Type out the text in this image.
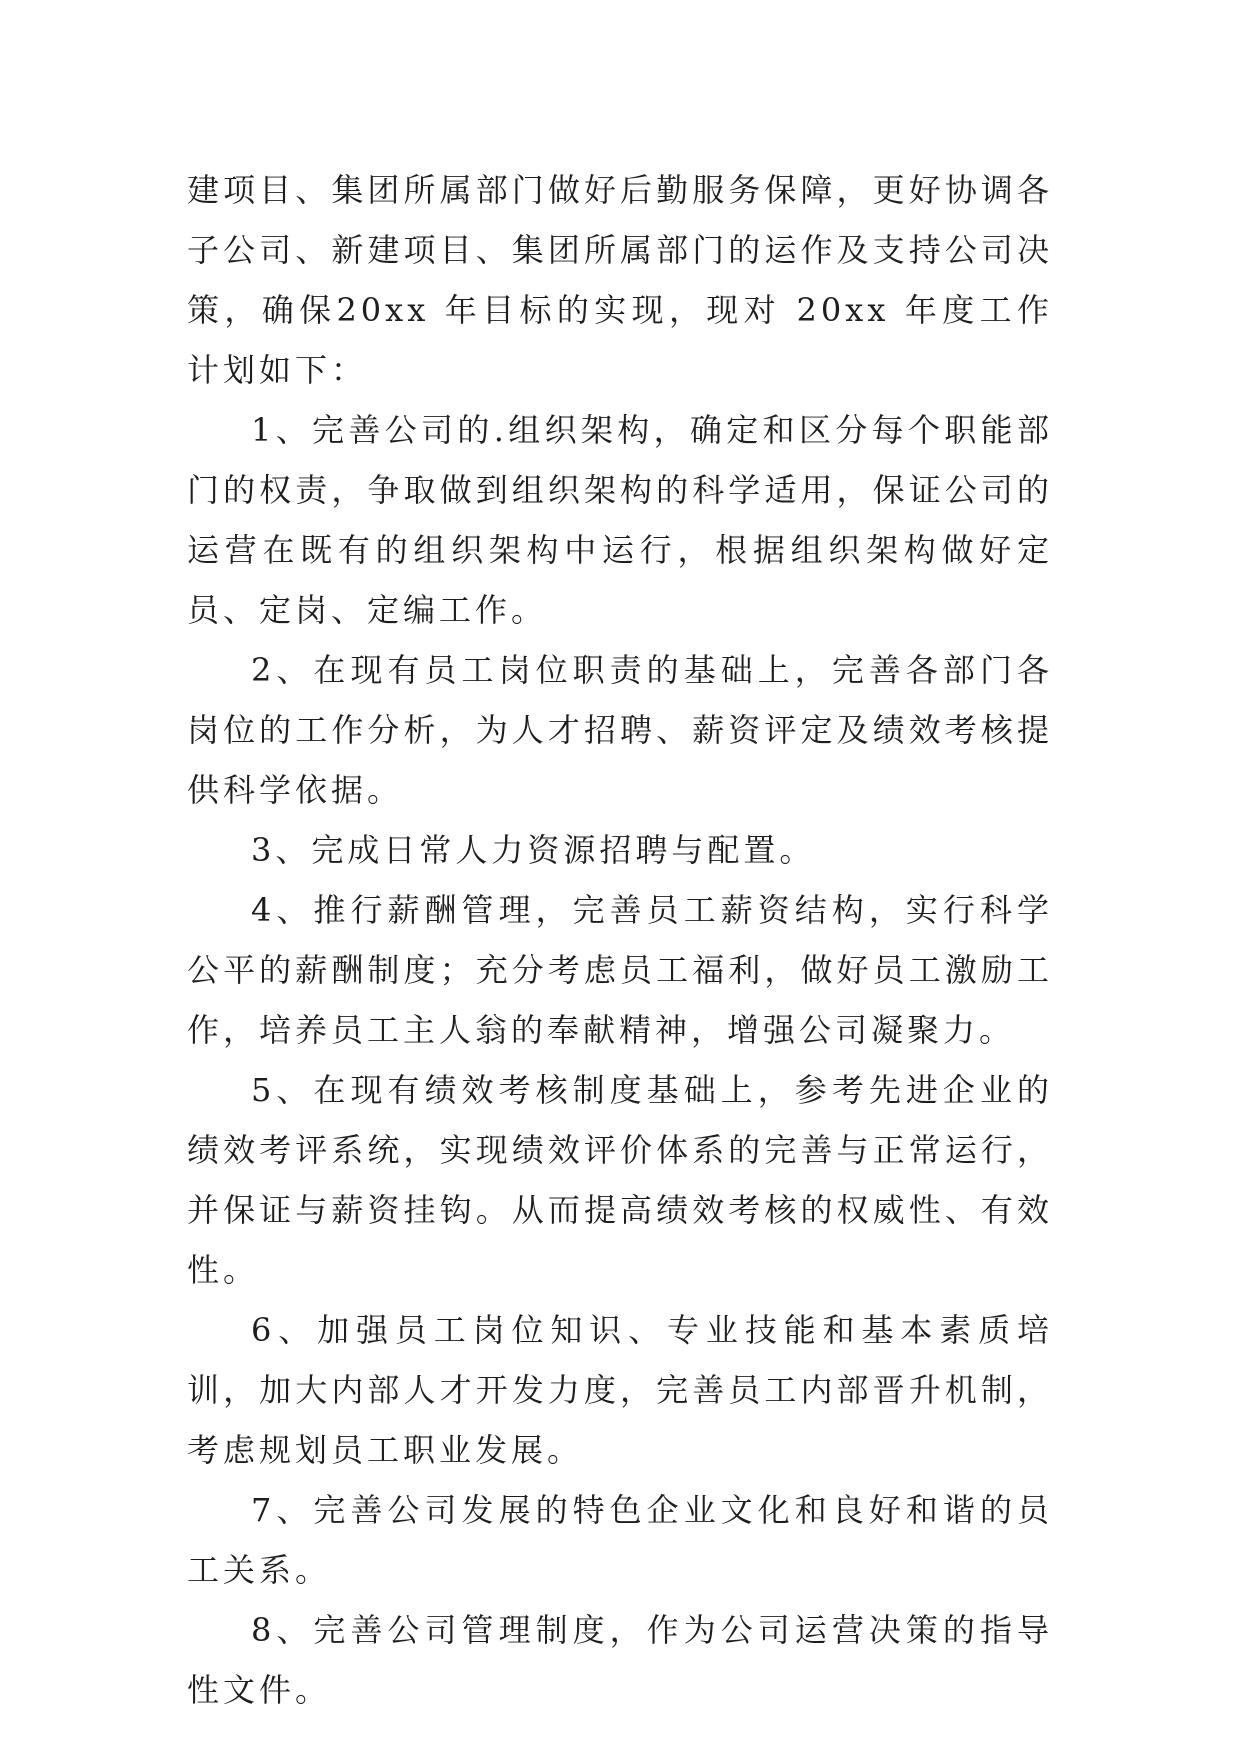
建项目、集团所属部门做好后勤服务保障，更好协调各子公司、新建项目、集团所属部门的运作及支持公司决策，确保20xx 年目标的实现，现对 20xx 年度工作计划如下：

1、完善公司的.组织架构，确定和区分每个职能部门的权责，争取做到组织架构的科学适用，保证公司的运营在既有的组织架构中运行，根据组织架构做好定员、定岗、定编工作。

2、在现有员工岗位职责的基础上，完善各部门各岗位的工作分析，为人才招聘、薪资评定及绩效考核提供科学依据。

3、完成日常人力资源招聘与配置。

4、推行薪酬管理，完善员工薪资结构，实行科学公平的薪酬制度；充分考虑员工福利，做好员工激励工作，培养员工主人翁的奉献精神，增强公司凝聚力。

5、在现有绩效考核制度基础上，参考先进企业的绩效考评系统，实现绩效评价体系的完善与正常运行，并保证与薪资挂钩。从而提高绩效考核的权威性、有效性。

6、加强员工岗位知识、专业技能和基本素质培训，加大内部人才开发力度，完善员工内部晋升机制，考虑规划员工职业发展。

7、完善公司发展的特色企业文化和良好和谐的员工关系。

8、完善公司管理制度，作为公司运营决策的指导性文件。
